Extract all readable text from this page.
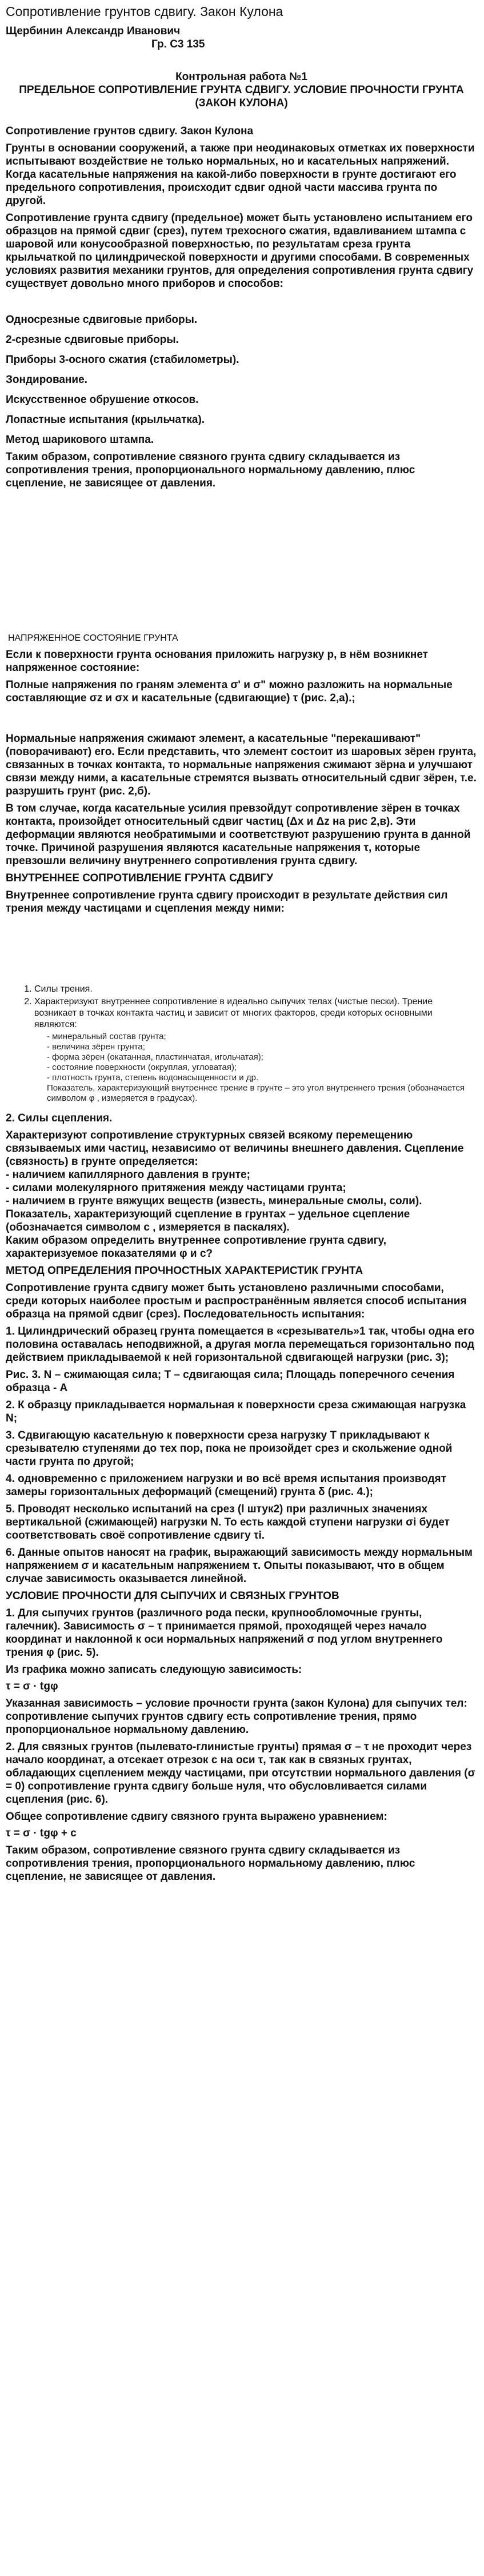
Сопротивление грунтов сдвигу. Закон Кулона

Щербинин Александр Иванович

Гр. С3 135

Контрольная работа №1

ПРЕДЕЛЬНОЕ СОПРОТИВЛЕНИЕ ГРУНТА СДВИГУ. УСЛОВИЕ ПРОЧНОСТИ ГРУНТА (ЗАКОН КУЛОНА)

Сопротивление грунтов сдвигу. Закон Кулона

Грунты в основании сооружений, а также при неодинаковых отметках их поверхности испытывают воздействие не только нормальных, но и касательных напряжений. Когда касательные напряжения на какой-либо поверхности в грунте достигают его предельного сопротивления, происходит сдвиг одной части массива грунта по другой.

Сопротивление грунта сдвигу (предельное) может быть установлено испытанием его образцов на прямой сдвиг (срез), путем трехосного сжатия, вдавливанием штампа с шаровой или конусообразной поверхностью, по результатам среза грунта крыльчаткой по цилиндрической поверхности и другими способами. В современных условиях развития механики грунтов, для определения сопротивления грунта сдвигу существует довольно много приборов и способов:

Односрезные сдвиговые приборы.

2-срезные сдвиговые приборы.

Приборы 3-осного сжатия (стабилометры).

Зондирование.

Искусственное обрушение откосов.

Лопастные испытания (крыльчатка).

Метод шарикового штампа.

Таким образом, сопротивление связного грунта сдвигу складывается из сопротивления трения, пропорционального нормальному давлению, плюс сцепление, не зависящее от давления.

НАПРЯЖЕННОЕ СОСТОЯНИЕ ГРУНТА

Если к поверхности грунта основания приложить нагрузку р, в нём возникнет напряженное состояние:

Полные напряжения по граням элемента σ' и σ" можно разложить на нормальные составляющие σz и σx и касательные (сдвигающие) τ (рис. 2,а).;

Нормальные напряжения сжимают элемент, а касательные "перекашивают" (поворачивают) его. Если представить, что элемент состоит из шаровых зёрен грунта, связанных в точках контакта, то нормальные напряжения сжимают зёрна и улучшают связи между ними, а касательные стремятся вызвать относительный сдвиг зёрен, т.е. разрушить грунт (рис. 2,б).

В том случае, когда касательные усилия превзойдут сопротивление зёрен в точках контакта, произойдет относительный сдвиг частиц (Δx и Δz на рис 2,в). Эти деформации являются необратимыми и соответствуют разрушению грунта в данной точке. Причиной разрушения являются касательные напряжения τ, которые превзошли величину внутреннего сопротивления грунта сдвигу.

ВНУТРЕННЕЕ СОПРОТИВЛЕНИЕ ГРУНТА СДВИГУ

Внутреннее сопротивление грунта сдвигу происходит в результате действия сил трения между частицами и сцепления между ними:

1. Силы трения.
2. Характеризуют внутреннее сопротивление в идеально сыпучих телах (чистые пески). Трение возникает в точках контакта частиц и зависит от многих факторов, среди которых основными являются:

- минеральный состав грунта;

- величина зёрен грунта;

- форма зёрен (окатанная, пластинчатая, игольчатая);

- состояние поверхности (окруплая, угловатая);

- плотность грунта, степень водонасыщенности и др.

Показатель, характеризующий внутреннее трение в грунте – это угол внутреннего трения (обозначается символом φ , измеряется в градусах).

2. Силы сцепления.

Характеризуют сопротивление структурных связей всякому перемещению связываемых ими частиц, независимо от величины внешнего давления. Сцепление (связность) в грунте определяется:

- наличием капиллярного давления в грунте;

- силами молекулярного притяжения между частицами грунта;

- наличием в грунте вяжущих веществ (известь, минеральные смолы, соли).

Показатель, характеризующий сцепление в грунтах – удельное сцепление (обозначается символом с , измеряется в паскалях).

Каким образом определить внутреннее сопротивление грунта сдвигу, характеризуемое показателями φ и с?

МЕТОД ОПРЕДЕЛЕНИЯ ПРОЧНОСТНЫХ ХАРАКТЕРИСТИК ГРУНТА

Сопротивление грунта сдвигу может быть установлено различными способами, среди которых наиболее простым и распространённым является способ испытания образца на прямой сдвиг (срез). Последовательность испытания:

1. Цилиндрический образец грунта помещается в «срезыватель»1 так, чтобы одна его половина оставалась неподвижной, а другая могла перемещаться горизонтально под действием прикладываемой к ней горизонтальной сдвигающей нагрузки (рис. 3);

Рис. 3. N – сжимающая сила; T – сдвигающая сила; Площадь поперечного сечения образца - A

2. К образцу прикладывается нормальная к поверхности среза сжимающая нагрузка N;

3. Сдвигающую касательную к поверхности среза нагрузку T прикладывают к срезывателю ступенями до тех пор, пока не произойдет срез и скольжение одной части грунта по другой;

4. одновременно с приложением нагрузки и во всё время испытания производят замеры горизонтальных деформаций (смещений) грунта δ (рис. 4.);

5. Проводят несколько испытаний на срез (l штук2) при различных значениях вертикальной (сжимающей) нагрузки N. То есть каждой ступени нагрузки σi будет соответствовать своё сопротивление сдвигу τi.

6. Данные опытов наносят на график, выражающий зависимость между нормальным напряжением σ и касательным напряжением τ. Опыты показывают, что в общем случае зависимость оказывается линейной.

УСЛОВИЕ ПРОЧНОСТИ ДЛЯ СЫПУЧИХ И СВЯЗНЫХ ГРУНТОВ

1. Для сыпучих грунтов (различного рода пески, крупнообломочные грунты, галечник). Зависимость σ – τ принимается прямой, проходящей через начало координат и наклонной к оси нормальных напряжений σ под углом внутреннего трения φ (рис. 5).

Из графика можно записать следующую зависимость:

τ = σ · tgφ

Указанная зависимость – условие прочности грунта (закон Кулона) для сыпучих тел: сопротивление сыпучих грунтов сдвигу есть сопротивление трения, прямо пропорциональное нормальному давлению.

2. Для связных грунтов (пылевато-глинистые грунты) прямая σ – τ не проходит через начало координат, а отсекает отрезок с на оси τ, так как в связных грунтах, обладающих сцеплением между частицами, при отсутствии нормального давления (σ = 0) сопротивление грунта сдвигу больше нуля, что обусловливается силами сцепления (рис. 6).

Общее сопротивление сдвигу связного грунта выражено уравнением:

τ = σ · tgφ + c

Таким образом, сопротивление связного грунта сдвигу складывается из сопротивления трения, пропорционального нормальному давлению, плюс сцепление, не зависящее от давления.
